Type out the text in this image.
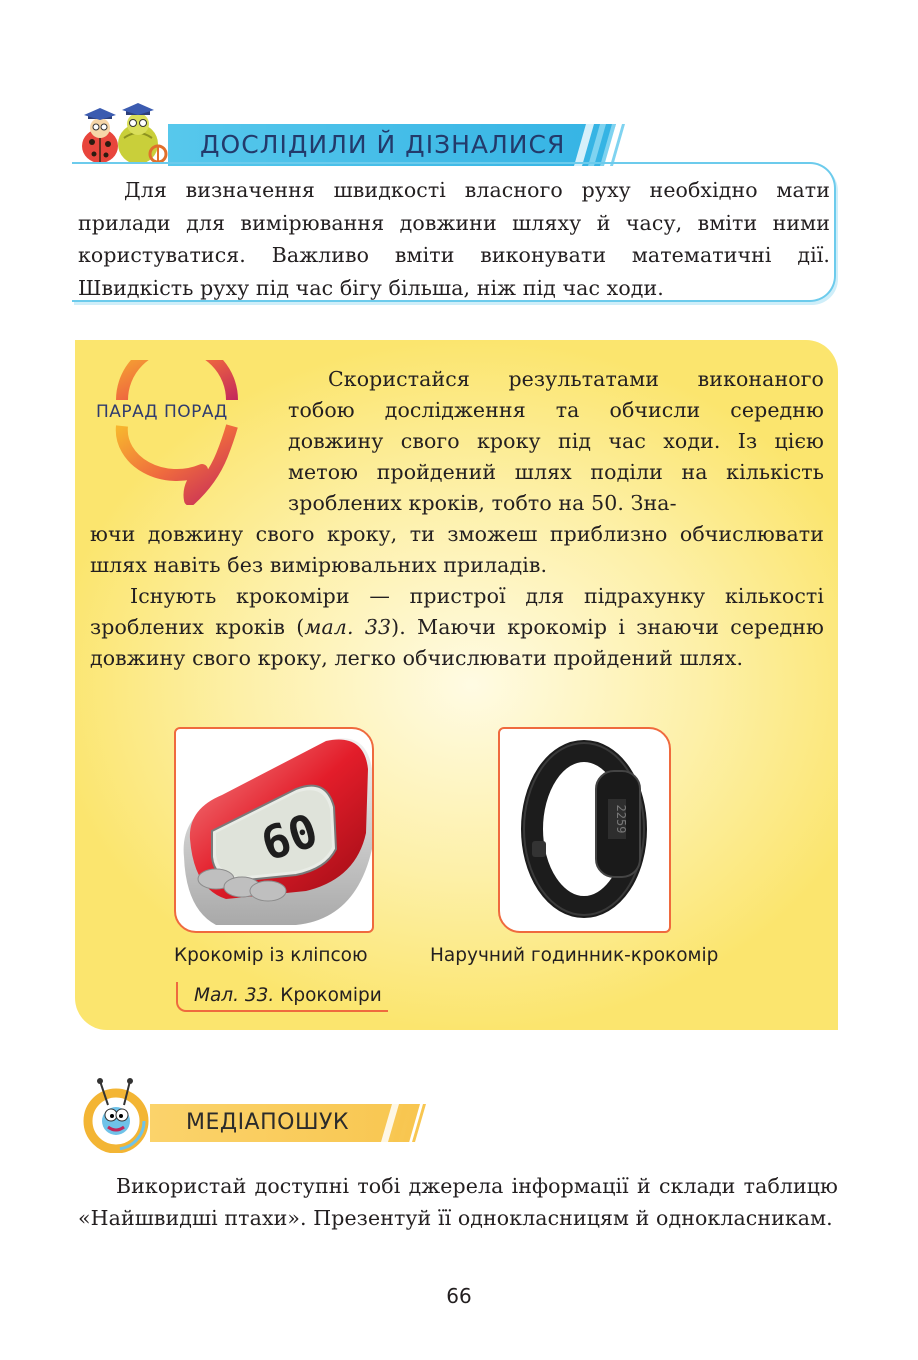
ДОСЛІДИЛИ Й ДІЗНАЛИСЯ
Для визначення швидкості власного руху необхідно мати прилади для вимірювання довжини шляху й часу, вміти ними користуватися. Важливо вміти виконувати математичні дії. Швидкість руху під час бігу більша, ніж під час ходи.
ПАРАД ПОРАД
Скористайся результатами виконаного тобою дослідження та обчисли середню довжину свого кроку під час ходи. Із цією метою пройдений шлях поділи на кількість зроблених кроків, тобто на 50. Зна-
ючи довжину свого кроку, ти зможеш приблизно обчислювати шлях навіть без вимірювальних приладів.
Існують крокоміри — пристрої для підрахунку кількості зроблених кроків (мал. 33). Маючи крокомір і знаючи середню довжину свого кроку, легко обчислювати пройдений шлях.
60	2259
Крокомір із кліпсою	Наручний годинник-крокомір
Мал. 33. Крокоміри
МЕДІАПОШУК
Використай доступні тобі джерела інформації й склади таблицю «Найшвидші птахи». Презентуй її однокласницям й однокласникам.
66
